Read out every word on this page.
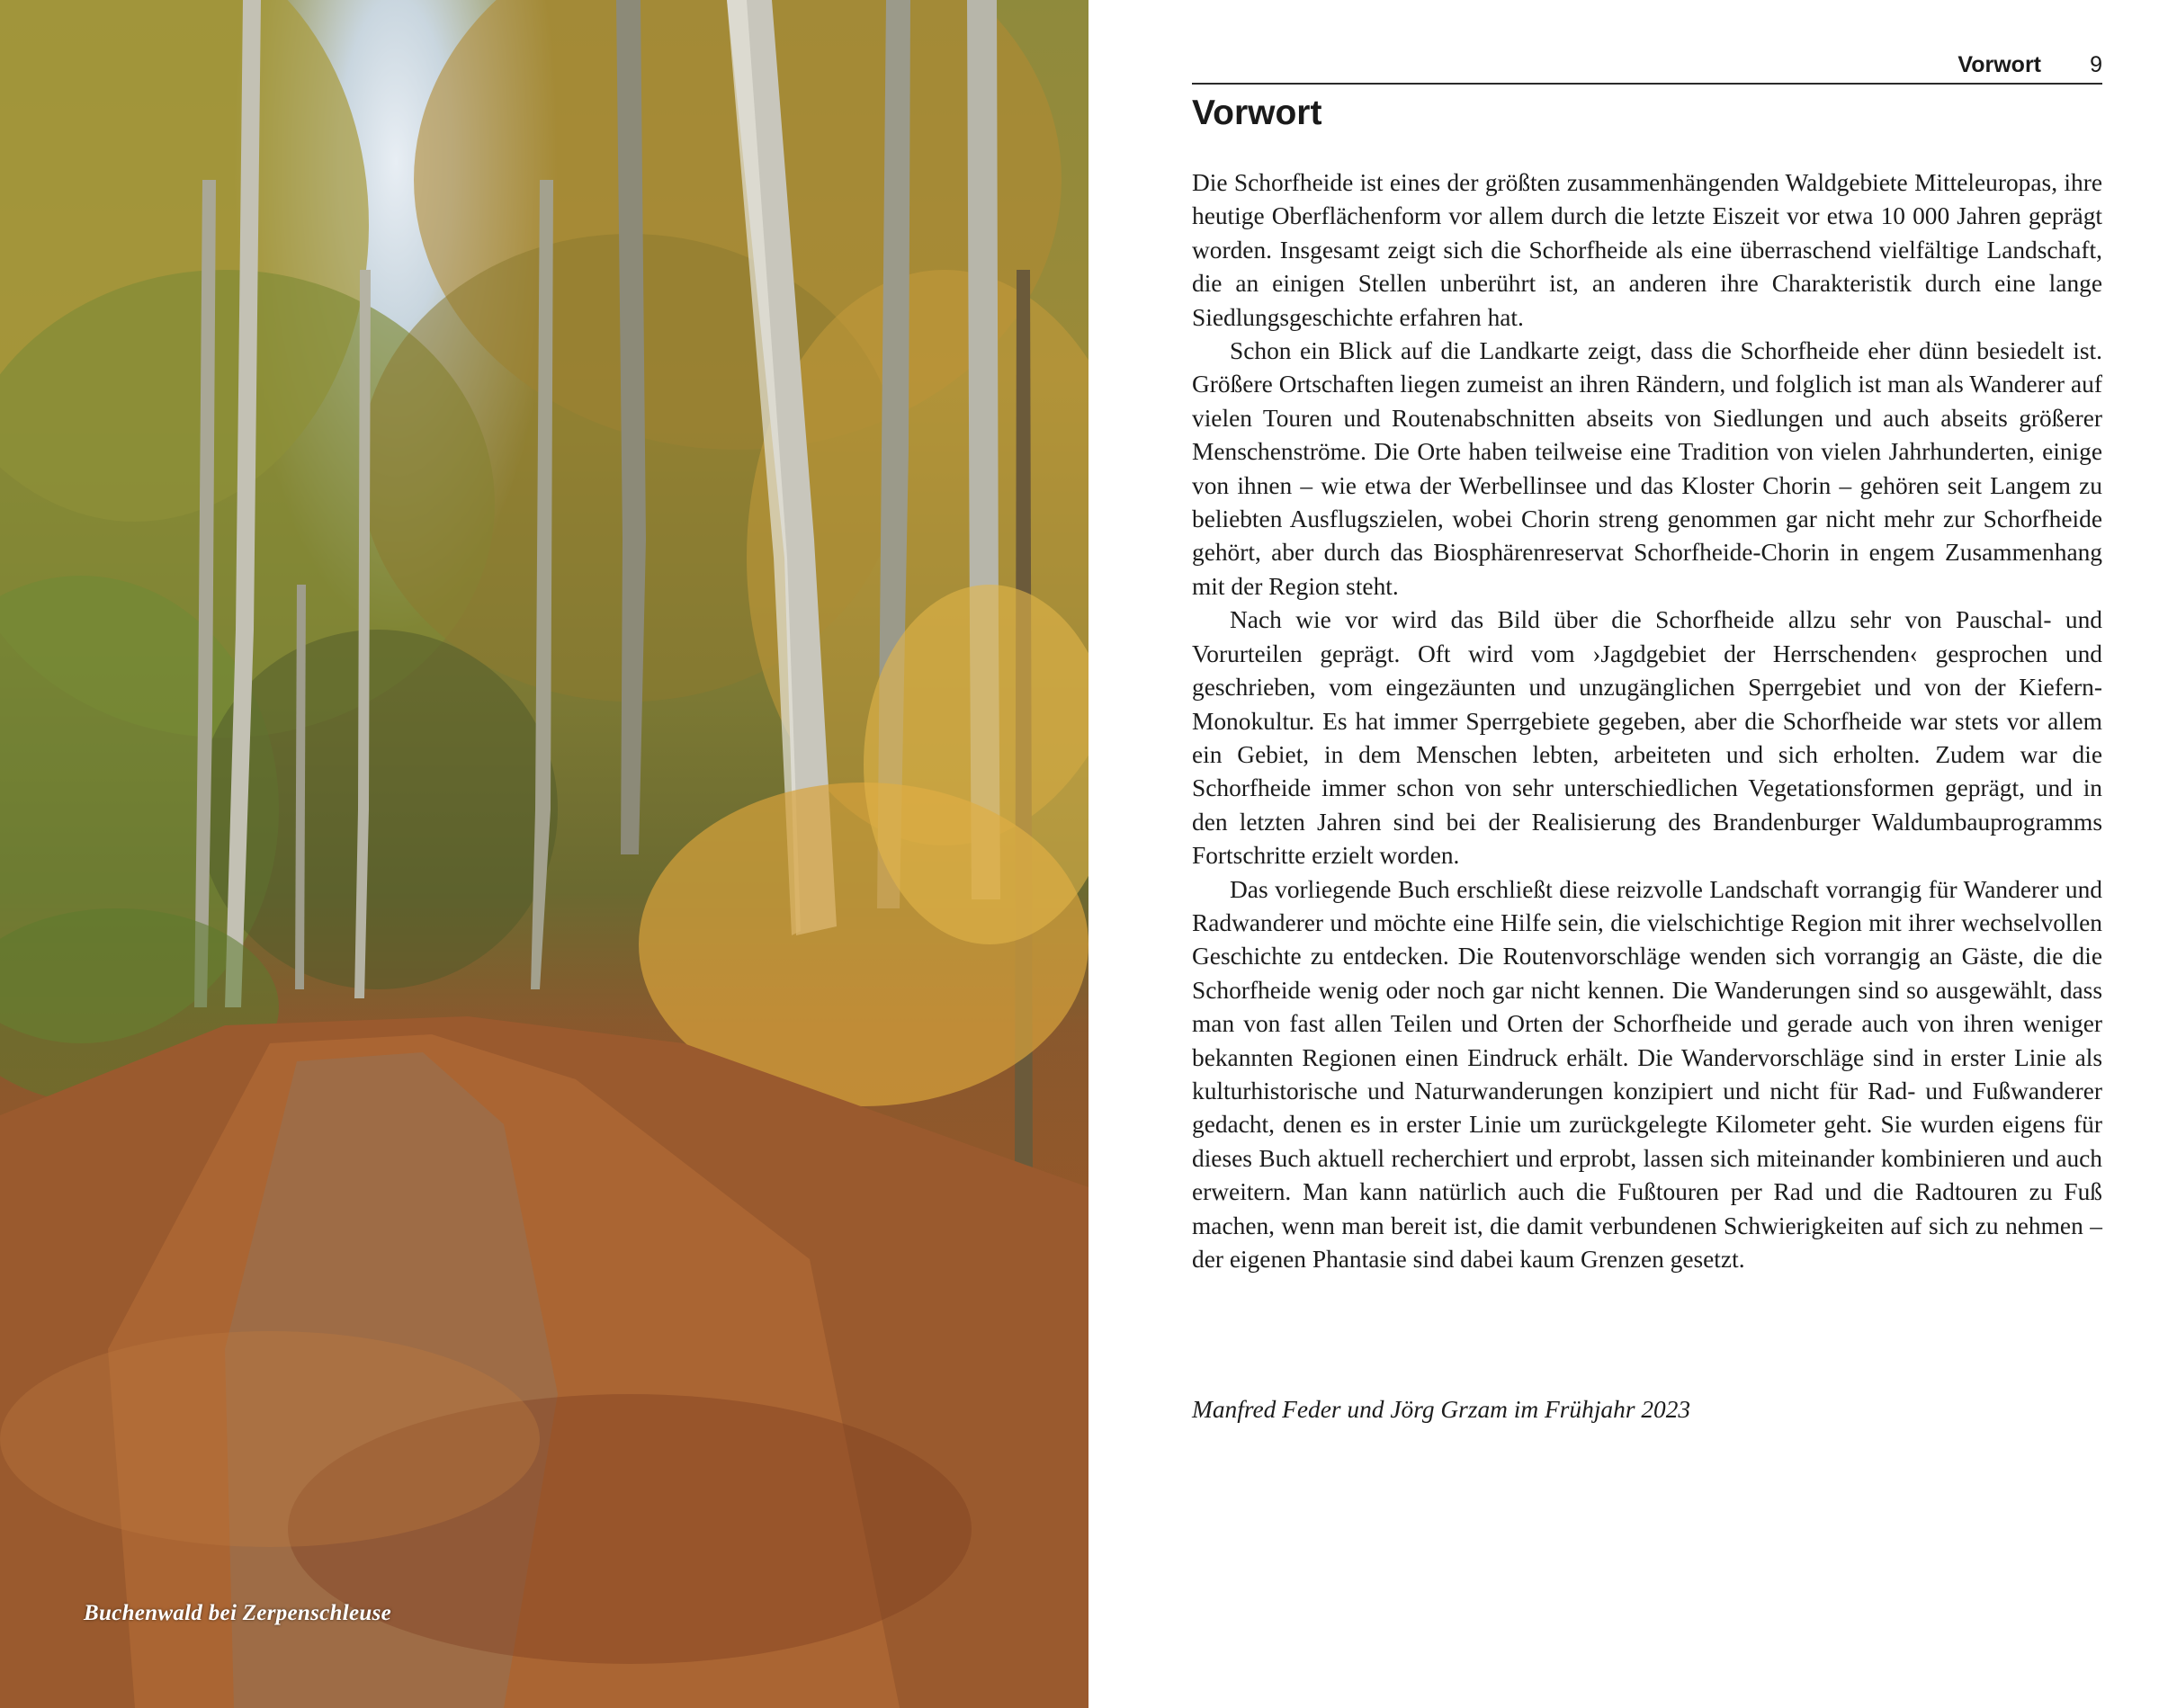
Buchenwald bei Zerpenschleuse
Vorwort 9
Vorwort

Die Schorfheide ist eines der größten zusammenhängenden Waldgebiete Mitteleuropas, ihre heutige Oberflächenform vor allem durch die letzte Eiszeit vor etwa 10 000 Jahren geprägt worden. Insgesamt zeigt sich die Schorfheide als eine überraschend vielfältige Landschaft, die an einigen Stellen unberührt ist, an anderen ihre Charakteristik durch eine lange Siedlungsgeschichte erfahren hat.

Schon ein Blick auf die Landkarte zeigt, dass die Schorfheide eher dünn besiedelt ist. Größere Ortschaften liegen zumeist an ihren Rändern, und folglich ist man als Wanderer auf vielen Touren und Routenabschnitten abseits von Siedlungen und auch abseits größerer Menschenströme. Die Orte haben teilweise eine Tradition von vielen Jahrhunderten, einige von ihnen – wie etwa der Werbellinsee und das Kloster Chorin – gehören seit Langem zu beliebten Ausflugszielen, wobei Chorin streng genommen gar nicht mehr zur Schorfheide gehört, aber durch das Biosphärenreservat Schorfheide-Chorin in engem Zusammenhang mit der Region steht.

Nach wie vor wird das Bild über die Schorfheide allzu sehr von Pauschal- und Vorurteilen geprägt. Oft wird vom ›Jagdgebiet der Herrschenden‹ gesprochen und geschrieben, vom eingezäunten und unzugänglichen Sperrgebiet und von der Kiefern-Monokultur. Es hat immer Sperrgebiete gegeben, aber die Schorfheide war stets vor allem ein Gebiet, in dem Menschen lebten, arbeiteten und sich erholten. Zudem war die Schorfheide immer schon von sehr unterschiedlichen Vegetationsformen geprägt, und in den letzten Jahren sind bei der Realisierung des Brandenburger Waldumbauprogramms Fortschritte erzielt worden.

Das vorliegende Buch erschließt diese reizvolle Landschaft vorrangig für Wanderer und Radwanderer und möchte eine Hilfe sein, die vielschichtige Region mit ihrer wechselvollen Geschichte zu entdecken. Die Routenvorschläge wenden sich vorrangig an Gäste, die die Schorfheide wenig oder noch gar nicht kennen. Die Wanderungen sind so ausgewählt, dass man von fast allen Teilen und Orten der Schorfheide und gerade auch von ihren weniger bekannten Regionen einen Eindruck erhält. Die Wandervorschläge sind in erster Linie als kulturhistorische und Naturwanderungen konzipiert und nicht für Rad- und Fußwanderer gedacht, denen es in erster Linie um zurückgelegte Kilometer geht. Sie wurden eigens für dieses Buch aktuell recherchiert und erprobt, lassen sich miteinander kombinieren und auch erweitern. Man kann natürlich auch die Fußtouren per Rad und die Radtouren zu Fuß machen, wenn man bereit ist, die damit verbundenen Schwierigkeiten auf sich zu nehmen – der eigenen Phantasie sind dabei kaum Grenzen gesetzt.

Manfred Feder und Jörg Grzam im Frühjahr 2023
